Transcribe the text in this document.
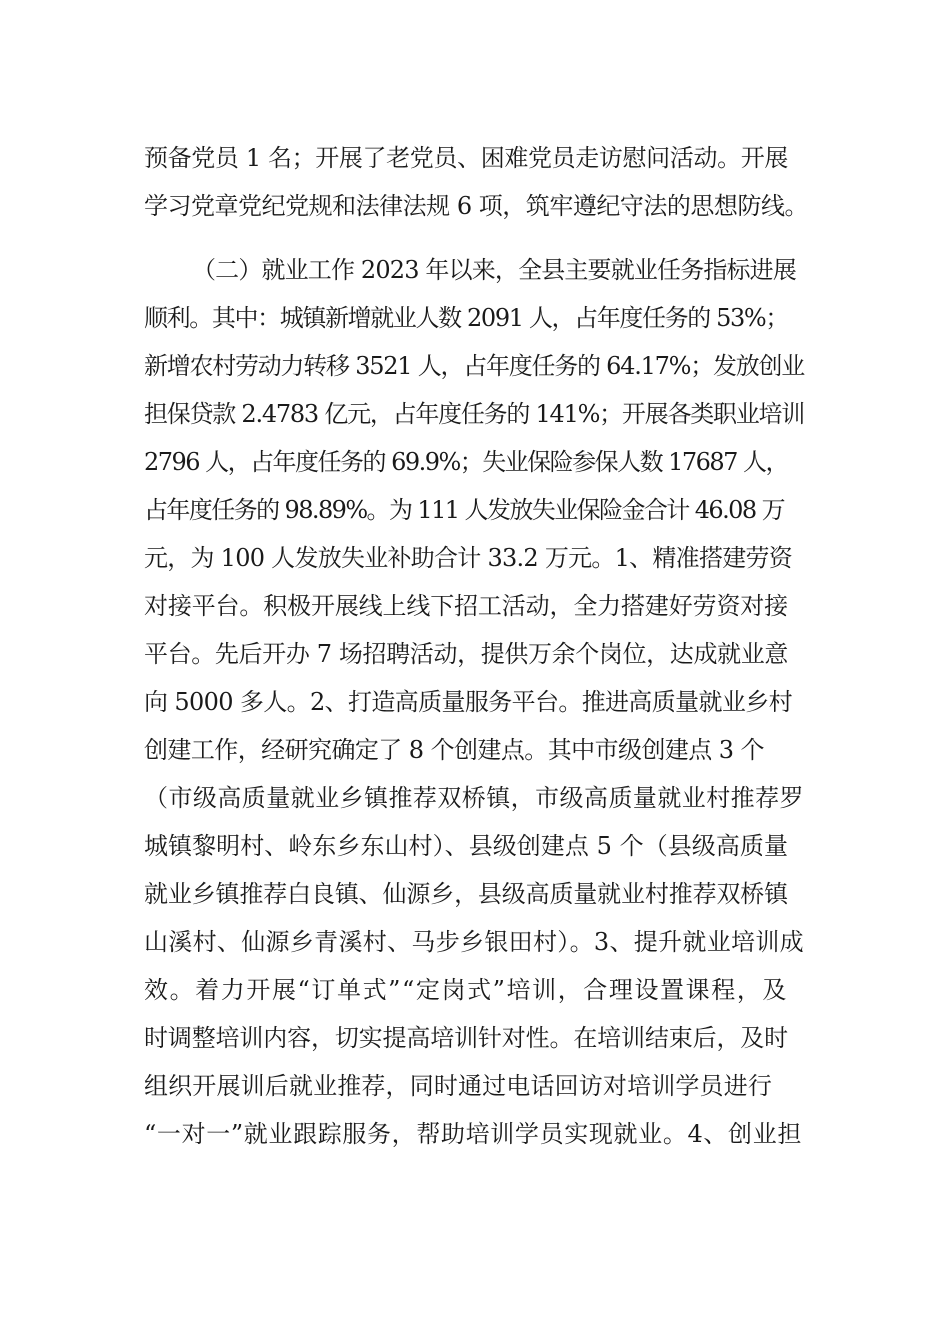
预备党员 1 名；开展了老党员、困难党员走访慰问活动。开展
学习党章党纪党规和法律法规 6 项，筑牢遵纪守法的思想防线。
（二）就业工作 2023 年以来，全县主要就业任务指标进展
顺利。其中：城镇新增就业人数 2091 人，占年度任务的 53%；
新增农村劳动力转移 3521 人，占年度任务的 64.17%；发放创业
担保贷款 2.4783 亿元，占年度任务的 141%；开展各类职业培训
2796 人，占年度任务的 69.9%；失业保险参保人数 17687 人，
占年度任务的 98.89%。为 111 人发放失业保险金合计 46.08 万
元，为 100 人发放失业补助合计 33.2 万元。1、精准搭建劳资
对接平台。积极开展线上线下招工活动，全力搭建好劳资对接
平台。先后开办 7 场招聘活动，提供万余个岗位，达成就业意
向 5000 多人。2、打造高质量服务平台。推进高质量就业乡村
创建工作，经研究确定了 8 个创建点。其中市级创建点 3 个
（市级高质量就业乡镇推荐双桥镇，市级高质量就业村推荐罗
城镇黎明村、岭东乡东山村）、县级创建点 5 个（县级高质量
就业乡镇推荐白良镇、仙源乡，县级高质量就业村推荐双桥镇
山溪村、仙源乡青溪村、马步乡银田村）。3、提升就业培训成
效。着力开展“订单式”“定岗式”培训，合理设置课程，及
时调整培训内容，切实提高培训针对性。在培训结束后，及时
组织开展训后就业推荐，同时通过电话回访对培训学员进行
“一对一”就业跟踪服务，帮助培训学员实现就业。4、创业担
